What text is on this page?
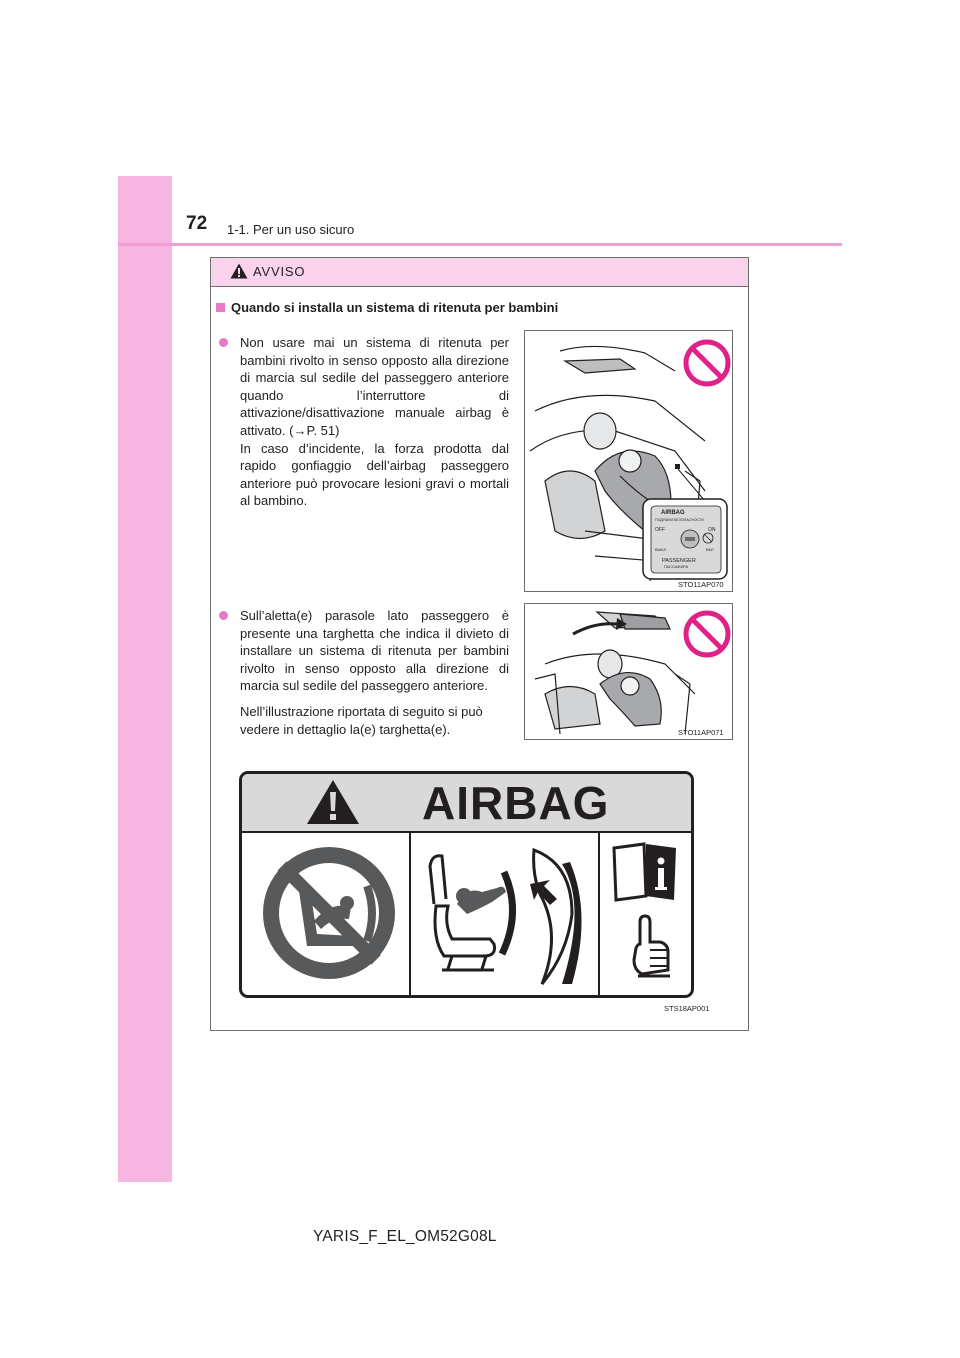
72 1-1. Per un uso sicuro
AVVISO
Quando si installa un sistema di ritenuta per bambini

Non usare mai un sistema di ritenuta per bambini rivolto in senso opposto alla direzione di marcia sul sedile del passeggero anteriore quando l’interruttore di attivazione/disattivazione manuale airbag è attivato. (→P. 51)

In caso d’incidente, la forza prodotta dal rapido gonfiaggio dell’airbag passeggero anteriore può provocare lesioni gravi o mortali al bambino.

AIRBAG
ПОДУШКИ БЕЗОПАСНОСТИ
OFF	ON
ВЫКЛ	ВКЛ
PASSENGER
ПАССАЖИРА
STO11AP070

Sull’aletta(e) parasole lato passeggero è presente una targhetta che indica il divieto di installare un sistema di ritenuta per bambini rivolto in senso opposto alla direzione di marcia sul sedile del passeggero anteriore.

Nell’illustrazione riportata di seguito si può vedere in dettaglio la(e) targhetta(e).	STO11AP071
AIRBAG
STS18AP001
YARIS_F_EL_OM52G08L
